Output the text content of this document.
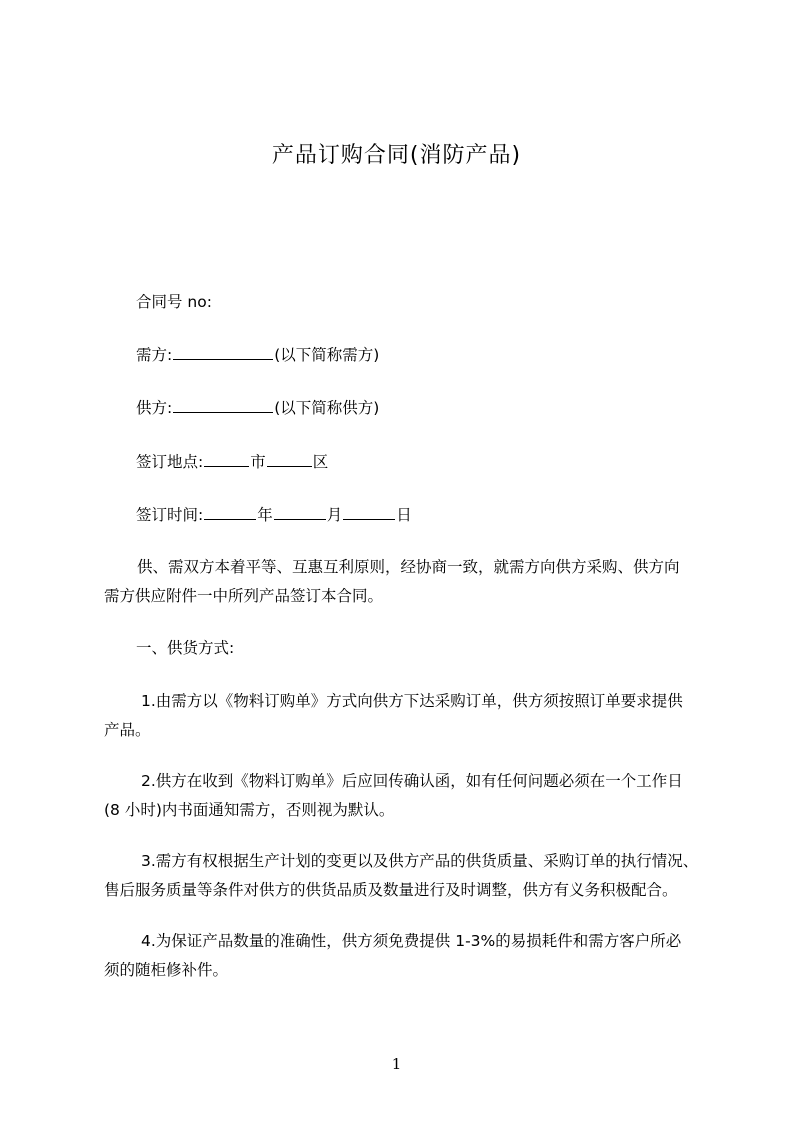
产品订购合同(消防产品)
合同号 no:
需方:	(以下简称需方)
供方:	(以下简称供方)
签订地点:	市	区
签订时间:	年	月	日
供、需双方本着平等、互惠互利原则，经协商一致，就需方向供方采购、供方向
需方供应附件一中所列产品签订本合同。
一、供货方式:
1.由需方以《物料订购单》方式向供方下达采购订单，供方须按照订单要求提供
产品。
2.供方在收到《物料订购单》后应回传确认函，如有任何问题必须在一个工作日
(8 小时)内书面通知需方，否则视为默认。
3.需方有权根据生产计划的变更以及供方产品的供货质量、采购订单的执行情况、
售后服务质量等条件对供方的供货品质及数量进行及时调整，供方有义务积极配合。
4.为保证产品数量的准确性，供方须免费提供 1-3%的易损耗件和需方客户所必
须的随柜修补件。
1
